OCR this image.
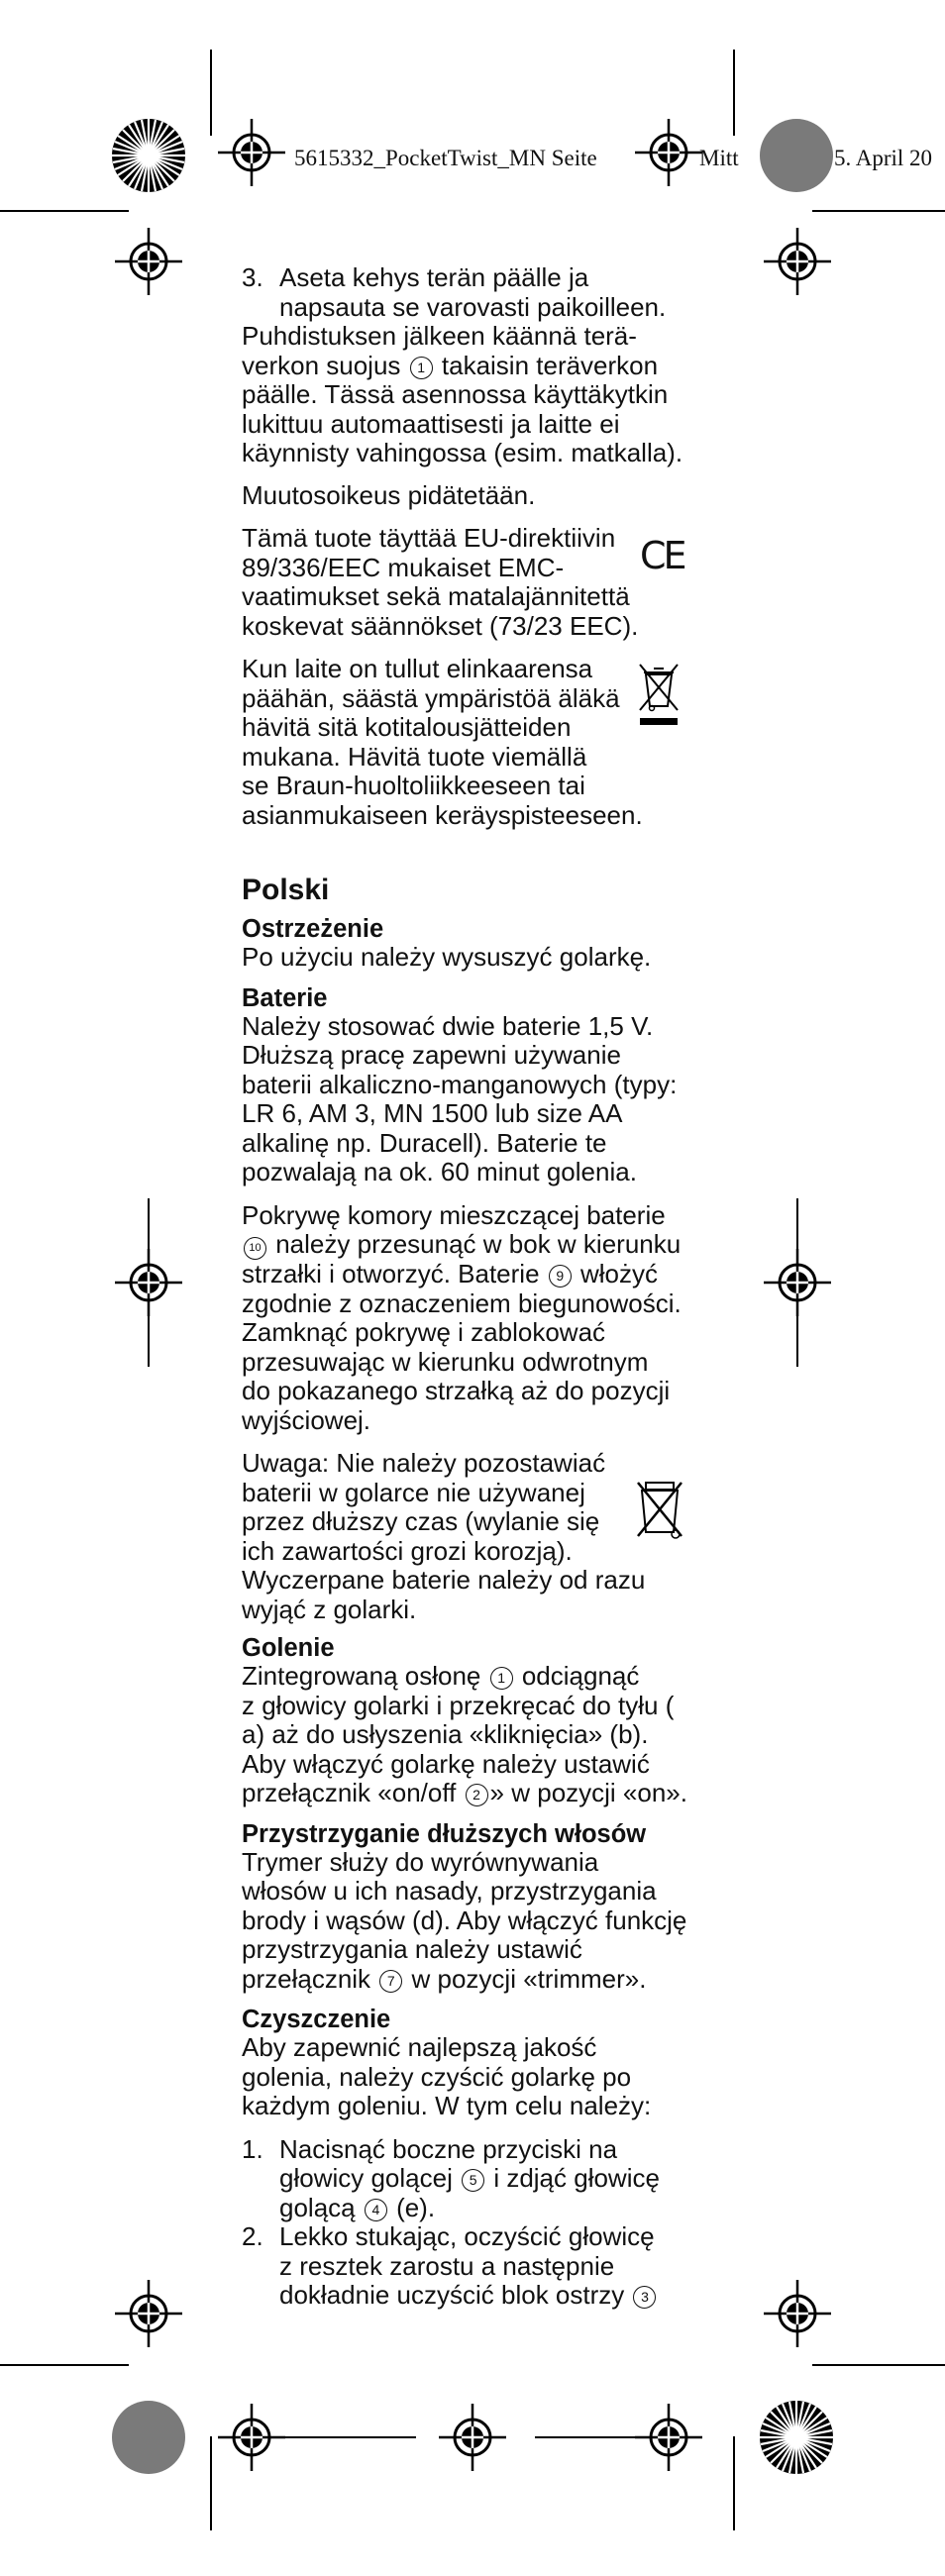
5615332_PocketTwist_MN Seite	Mitt	5. April 20
3. Aseta kehys terän päälle ja
napsauta se varovasti paikoilleen.
Puhdistuksen jälkeen käännä terä-
verkon suojus 1 takaisin teräverkon
päälle. Tässä asennossa käyttäkytkin
lukittuu automaattisesti ja laitte ei
käynnisty vahingossa (esim. matkalla).
Muutosoikeus pidätetään.
Tämä tuote täyttää EU-direktiivin
89/336/EEC mukaiset EMC-
vaatimukset sekä matalajännitettä
koskevat säännökset (73/23 EEC).
CE
Kun laite on tullut elinkaarensa
päähän, säästä ympäristöä äläkä
hävitä sitä kotitalousjätteiden
mukana. Hävitä tuote viemällä
se Braun-huoltoliikkeeseen tai
asianmukaiseen keräyspisteeseen.
Polski
Ostrzeżenie
Po użyciu należy wysuszyć golarkę.
Baterie
Należy stosować dwie baterie 1,5 V.
Dłuższą pracę zapewni używanie
baterii alkaliczno-manganowych (typy:
LR 6, AM 3, MN 1500 lub size AA
alkalinę np. Duracell). Baterie te
pozwalają na ok. 60 minut golenia.
Pokrywę komory mieszczącej baterie
10 należy przesunąć w bok w kierunku
strzałki i otworzyć. Baterie 9 włożyć
zgodnie z oznaczeniem biegunowości.
Zamknąć pokrywę i zablokować
przesuwając w kierunku odwrotnym
do pokazanego strzałką aż do pozycji
wyjściowej.
Uwaga: Nie należy pozostawiać
baterii w golarce nie używanej
przez dłuższy czas (wylanie się
ich zawartości grozi korozją).
Wyczerpane baterie należy od razu
wyjąć z golarki.
Golenie
Zintegrowaną osłonę 1 odciągnąć
z głowicy golarki i przekręcać do tyłu (
a) aż do usłyszenia «kliknięcia» (b).
Aby włączyć golarkę należy ustawić
przełącznik «on/off 2 » w pozycji «on».
Przystrzyganie dłuższych włosów
Trymer służy do wyrównywania
włosów u ich nasady, przystrzygania
brody i wąsów (d). Aby włączyć funkcję
przystrzygania należy ustawić
przełącznik 7 w pozycji «trimmer».
Czyszczenie
Aby zapewnić najlepszą jakość
golenia, należy czyścić golarkę po
każdym goleniu. W tym celu należy:
1. Nacisnąć boczne przyciski na
głowicy golącej 5 i zdjąć głowicę
golącą 4 (e).
2. Lekko stukając, oczyścić głowicę
z resztek zarostu a następnie
dokładnie uczyścić blok ostrzy 3
